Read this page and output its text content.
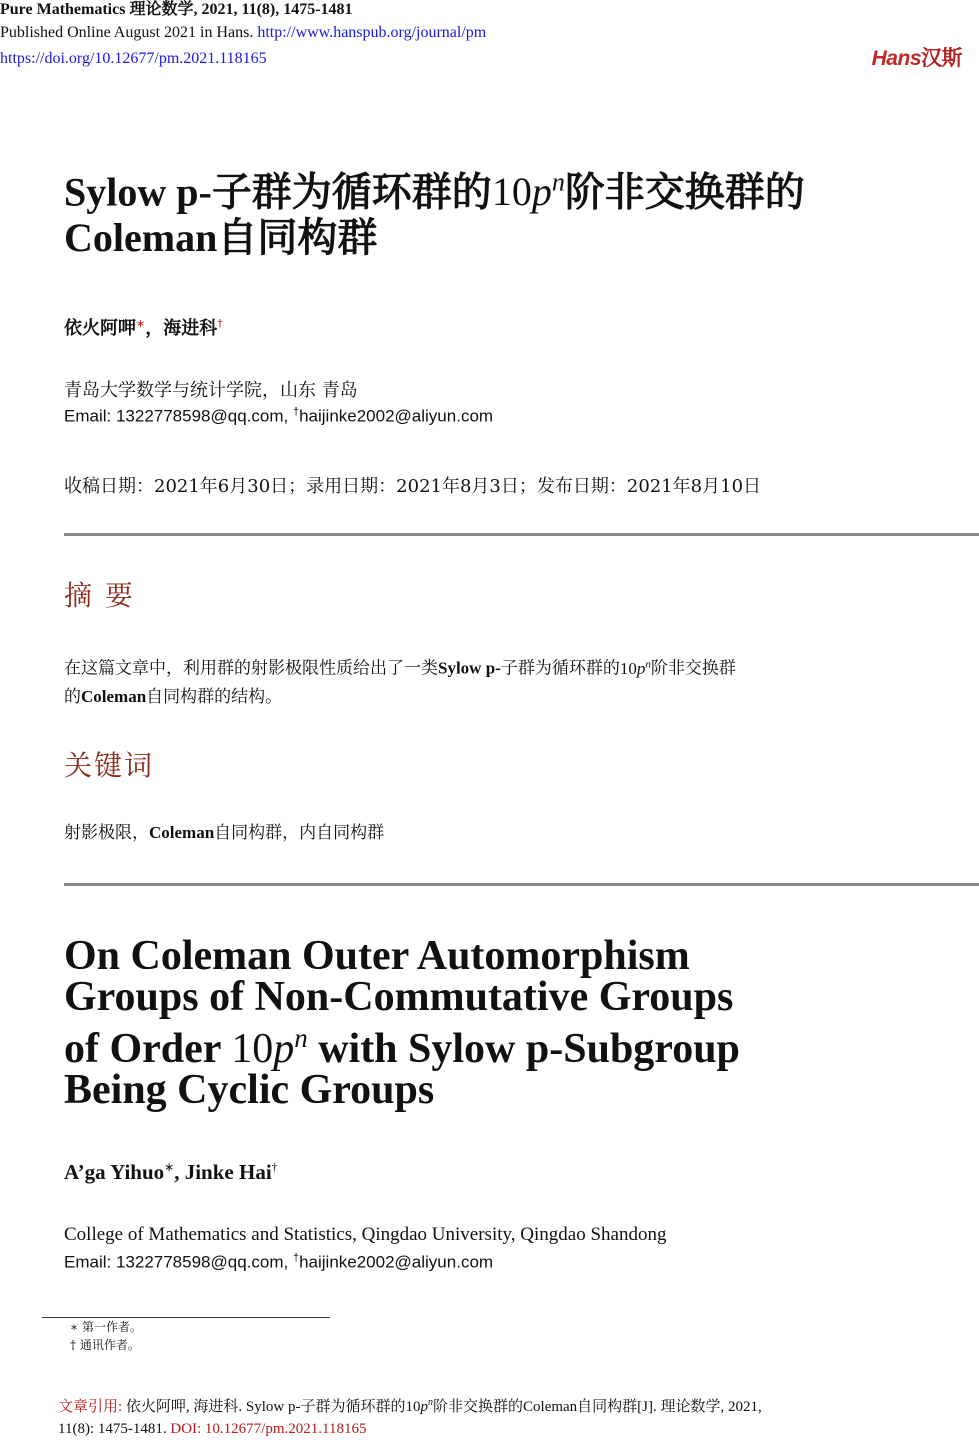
Pure Mathematics 理论数学, 2021, 11(8), 1475-1481
Published Online August 2021 in Hans. http://www.hanspub.org/journal/pm
https://doi.org/10.12677/pm.2021.118165	Hans汉斯
Sylow p-子群为循环群的$10p^n$阶非交换群的
Coleman自同构群
依火阿呷∗，海进科†
青岛大学数学与统计学院，山东 青岛
Email: 1322778598@qq.com, †haijinke2002@aliyun.com
收稿日期：2021年6月30日；录用日期：2021年8月3日；发布日期：2021年8月10日
摘 要
在这篇文章中，利用群的射影极限性质给出了一类Sylow p-子群为循环群的$10p^n$阶非交换群
的Coleman自同构群的结构。
关键词
射影极限，Coleman自同构群，内自同构群
On Coleman Outer Automorphism
Groups of Non-Commutative Groups
of Order $10p^n$ with Sylow p-Subgroup
Being Cyclic Groups
A’ga Yihuo∗, Jinke Hai†
College of Mathematics and Statistics, Qingdao University, Qingdao Shandong
Email: 1322778598@qq.com, †haijinke2002@aliyun.com
∗ 第一作者。
† 通讯作者。
文章引用: 依火阿呷, 海进科. Sylow p-子群为循环群的$10p^n$阶非交换群的Coleman自同构群[J]. 理论数学, 2021,
11(8): 1475-1481. DOI: 10.12677/pm.2021.118165
